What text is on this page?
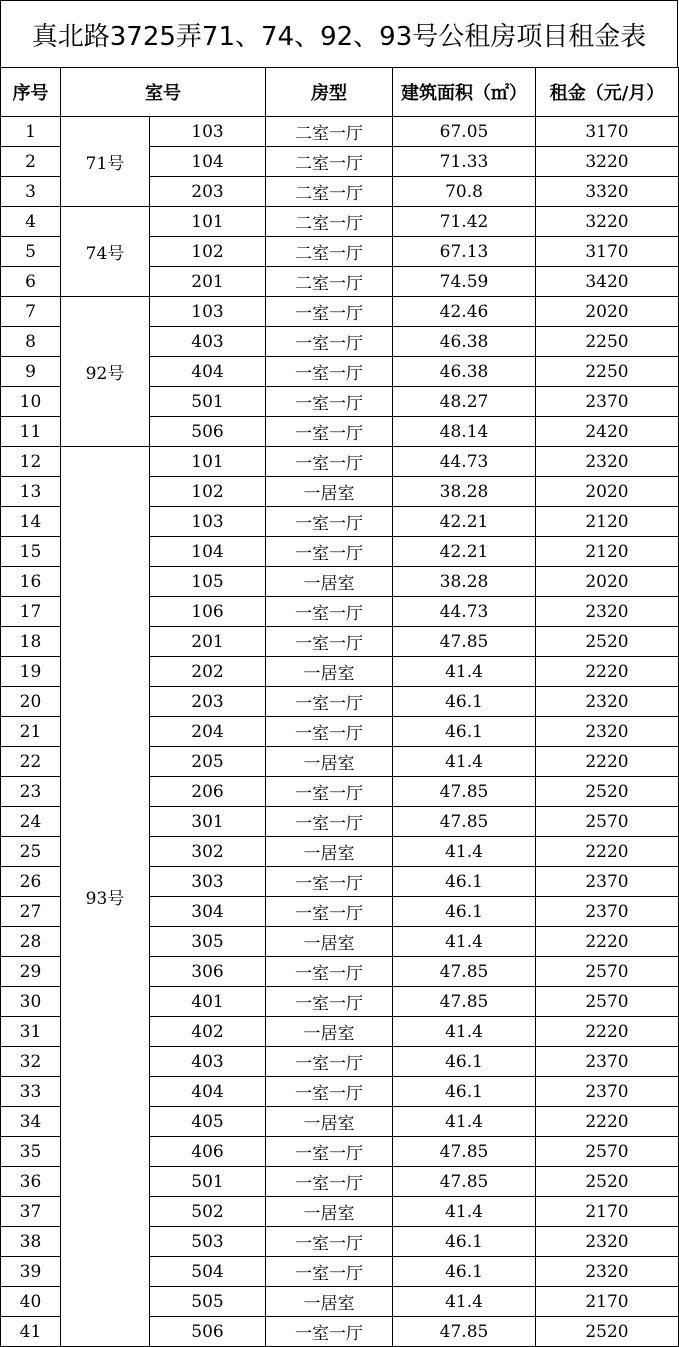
真北路3725弄71、74、92、93号公租房项目租金表
序号	室号		房型	建筑面积（㎡）	租金（元/月）
1	71号	103	二室一厅	67.05	3170
2		104	二室一厅	71.33	3220
3		203	二室一厅	70.8	3320
4	74号	101	二室一厅	71.42	3220
5		102	二室一厅	67.13	3170
6		201	二室一厅	74.59	3420
7	92号	103	一室一厅	42.46	2020
8		403	一室一厅	46.38	2250
9		404	一室一厅	46.38	2250
10		501	一室一厅	48.27	2370
11		506	一室一厅	48.14	2420
12	93号	101	一室一厅	44.73	2320
13		102	一居室	38.28	2020
14		103	一室一厅	42.21	2120
15		104	一室一厅	42.21	2120
16		105	一居室	38.28	2020
17		106	一室一厅	44.73	2320
18		201	一室一厅	47.85	2520
19		202	一居室	41.4	2220
20		203	一室一厅	46.1	2320
21		204	一室一厅	46.1	2320
22		205	一居室	41.4	2220
23		206	一室一厅	47.85	2520
24		301	一室一厅	47.85	2570
25		302	一居室	41.4	2220
26		303	一室一厅	46.1	2370
27		304	一室一厅	46.1	2370
28		305	一居室	41.4	2220
29		306	一室一厅	47.85	2570
30		401	一室一厅	47.85	2570
31		402	一居室	41.4	2220
32		403	一室一厅	46.1	2370
33		404	一室一厅	46.1	2370
34		405	一居室	41.4	2220
35		406	一室一厅	47.85	2570
36		501	一室一厅	47.85	2520
37		502	一居室	41.4	2170
38		503	一室一厅	46.1	2320
39		504	一室一厅	46.1	2320
40		505	一居室	41.4	2170
41		506	一室一厅	47.85	2520
